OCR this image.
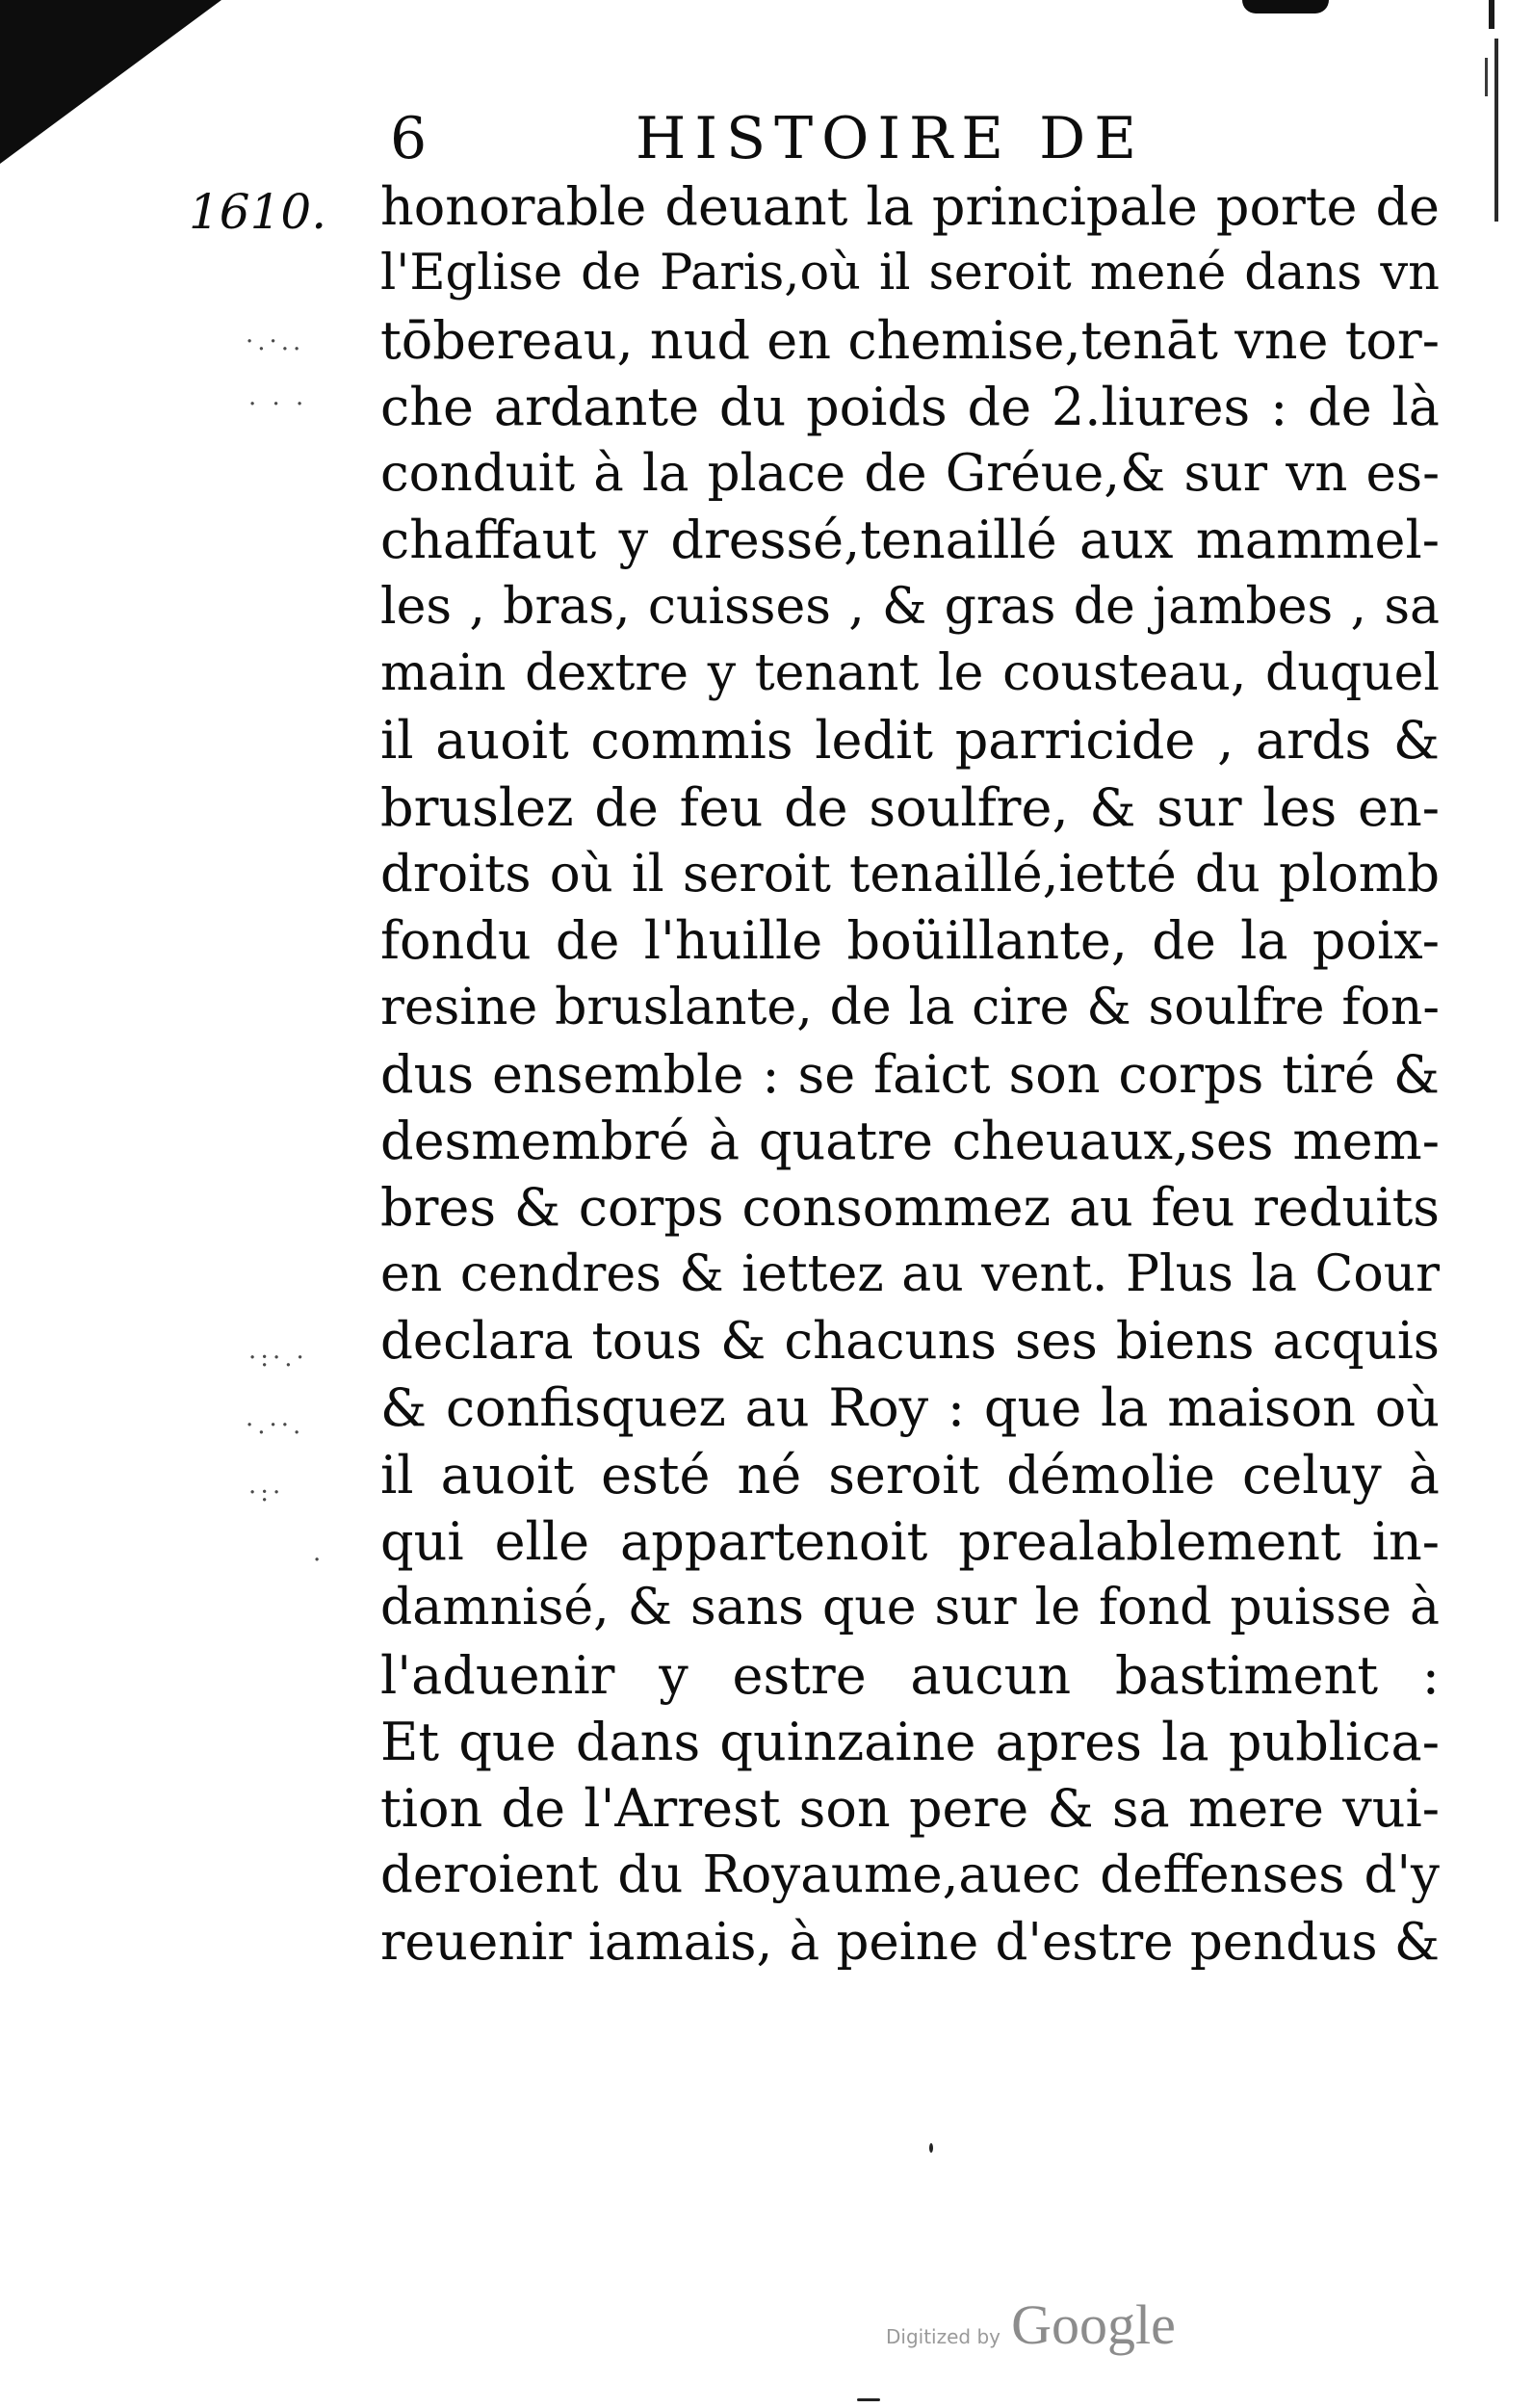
6	HISTOIRE DE
1610.
·.·..
· · ·
·:·.·
·.··.
·:·
·
honorable deuant la principale porte de
l'Eglise de Paris,où il seroit mené dans vn
tōbereau, nud en chemise,tenāt vne tor-
che ardante du poids de 2.liures : de là
conduit à la place de Gréue,& sur vn es-
chaffaut y dressé,tenaillé aux mammel-
les , bras, cuisses , & gras de jambes , sa
main dextre y tenant le cousteau, duquel
il auoit commis ledit parricide , ards &
bruslez de feu de soulfre, & sur les en-
droits où il seroit tenaillé,ietté du plomb
fondu de l'huille boüillante, de la poix-
resine bruslante, de la cire & soulfre fon-
dus ensemble : se faict son corps tiré &
desmembré à quatre cheuaux,ses mem-
bres & corps consommez au feu reduits
en cendres & iettez au vent. Plus la Cour
declara tous & chacuns ses biens acquis
& confisquez au Roy : que la maison où
il auoit esté né seroit démolie celuy à
qui elle appartenoit prealablement in-
damnisé, & sans que sur le fond puisse à
l'aduenir y estre aucun bastiment :
Et que dans quinzaine apres la publica-
tion de l'Arrest son pere & sa mere vui-
deroient du Royaume,auec deffenses d'y
reuenir iamais, à peine d'estre pendus &
Digitized by Google
